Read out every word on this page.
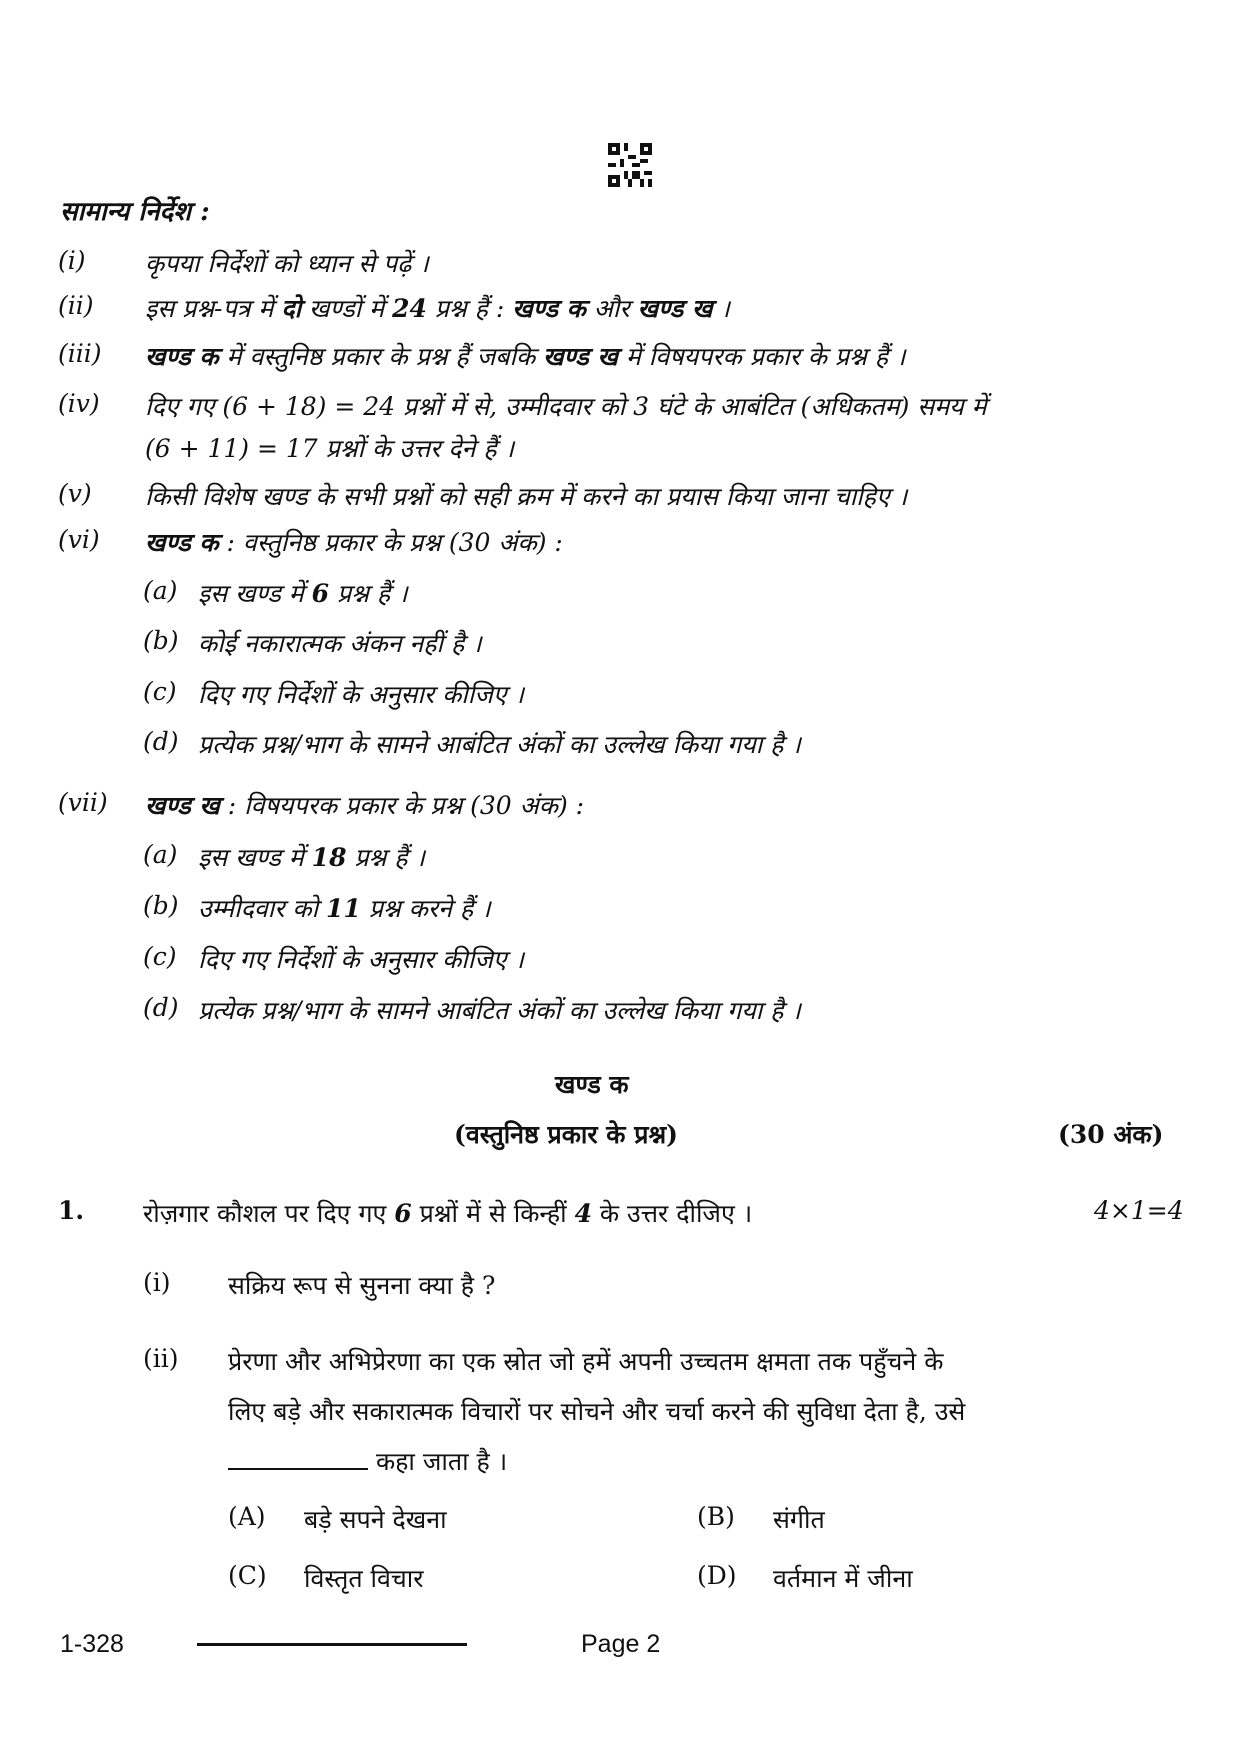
सामान्य निर्देश :
(i) कृपया निर्देशों को ध्यान से पढ़ें ।
(ii) इस प्रश्न-पत्र में दो खण्डों में 24 प्रश्न हैं : खण्ड क और खण्ड ख ।
(iii) खण्ड क में वस्तुनिष्ठ प्रकार के प्रश्न हैं जबकि खण्ड ख में विषयपरक प्रकार के प्रश्न हैं ।
(iv) दिए गए (6 + 18) = 24 प्रश्नों में से, उम्मीदवार को 3 घंटे के आबंटित (अधिकतम) समय में
(6 + 11) = 17 प्रश्नों के उत्तर देने हैं ।
(v) किसी विशेष खण्ड के सभी प्रश्नों को सही क्रम में करने का प्रयास किया जाना चाहिए ।
(vi) खण्ड क : वस्तुनिष्ठ प्रकार के प्रश्न (30 अंक) :
(a) इस खण्ड में 6 प्रश्न हैं ।
(b) कोई नकारात्मक अंकन नहीं है ।
(c) दिए गए निर्देशों के अनुसार कीजिए ।
(d) प्रत्येक प्रश्न/भाग के सामने आबंटित अंकों का उल्लेख किया गया है ।
(vii) खण्ड ख : विषयपरक प्रकार के प्रश्न (30 अंक) :
(a) इस खण्ड में 18 प्रश्न हैं ।
(b) उम्मीदवार को 11 प्रश्न करने हैं ।
(c) दिए गए निर्देशों के अनुसार कीजिए ।
(d) प्रत्येक प्रश्न/भाग के सामने आबंटित अंकों का उल्लेख किया गया है ।
खण्ड क
(वस्तुनिष्ठ प्रकार के प्रश्न)	(30 अंक)
1. रोज़गार कौशल पर दिए गए 6 प्रश्नों में से किन्हीं 4 के उत्तर दीजिए ।	4×1=4
(i) सक्रिय रूप से सुनना क्या है ?
(ii) प्रेरणा और अभिप्रेरणा का एक स्रोत जो हमें अपनी उच्चतम क्षमता तक पहुँचने के
लिए बड़े और सकारात्मक विचारों पर सोचने और चर्चा करने की सुविधा देता है, उसे
कहा जाता है ।
(A) बड़े सपने देखना	(B) संगीत
(C) विस्तृत विचार	(D) वर्तमान में जीना
1-328	Page 2
